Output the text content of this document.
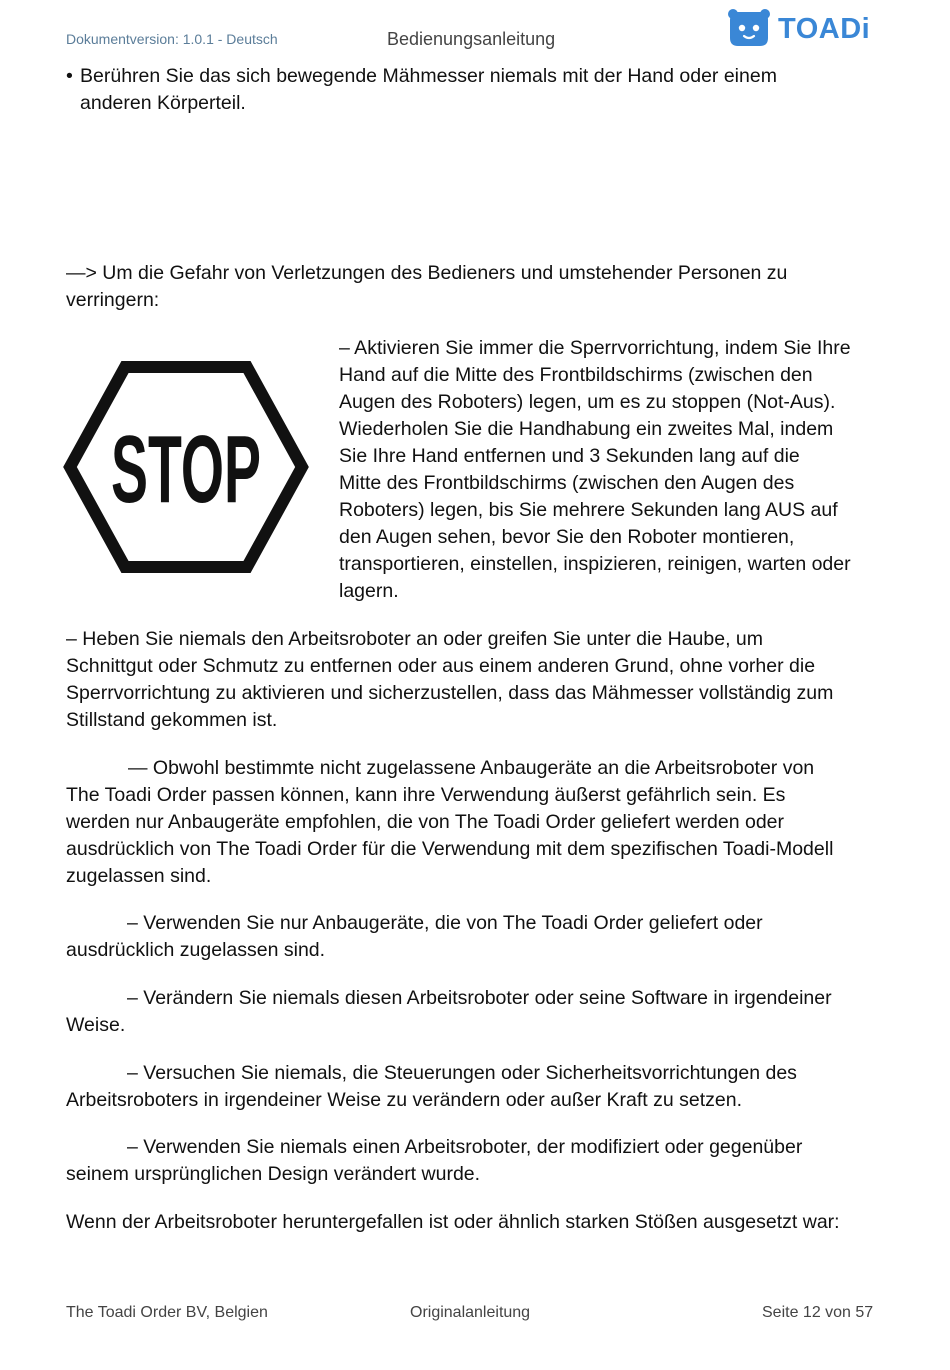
Dokumentversion: 1.0.1 - Deutsch	Bedienungsanleitung	TOADi
• Berühren Sie das sich bewegende Mähmesser niemals mit der Hand oder einem
anderen Körperteil.
—> Um die Gefahr von Verletzungen des Bedieners und umstehender Personen zu
verringern:
STOP
– Aktivieren Sie immer die Sperrvorrichtung, indem Sie Ihre
Hand auf die Mitte des Frontbildschirms (zwischen den
Augen des Roboters) legen, um es zu stoppen (Not-Aus).
Wiederholen Sie die Handhabung ein zweites Mal, indem
Sie Ihre Hand entfernen und 3 Sekunden lang auf die
Mitte des Frontbildschirms (zwischen den Augen des
Roboters) legen, bis Sie mehrere Sekunden lang AUS auf
den Augen sehen, bevor Sie den Roboter montieren,
transportieren, einstellen, inspizieren, reinigen, warten oder
lagern.
– Heben Sie niemals den Arbeitsroboter an oder greifen Sie unter die Haube, um
Schnittgut oder Schmutz zu entfernen oder aus einem anderen Grund, ohne vorher die
Sperrvorrichtung zu aktivieren und sicherzustellen, dass das Mähmesser vollständig zum
Stillstand gekommen ist.
— Obwohl bestimmte nicht zugelassene Anbaugeräte an die Arbeitsroboter von
The Toadi Order passen können, kann ihre Verwendung äußerst gefährlich sein. Es
werden nur Anbaugeräte empfohlen, die von The Toadi Order geliefert werden oder
ausdrücklich von The Toadi Order für die Verwendung mit dem spezifischen Toadi-Modell
zugelassen sind.
– Verwenden Sie nur Anbaugeräte, die von The Toadi Order geliefert oder
ausdrücklich zugelassen sind.
– Verändern Sie niemals diesen Arbeitsroboter oder seine Software in irgendeiner
Weise.
– Versuchen Sie niemals, die Steuerungen oder Sicherheitsvorrichtungen des
Arbeitsroboters in irgendeiner Weise zu verändern oder außer Kraft zu setzen.
– Verwenden Sie niemals einen Arbeitsroboter, der modifiziert oder gegenüber
seinem ursprünglichen Design verändert wurde.
Wenn der Arbeitsroboter heruntergefallen ist oder ähnlich starken Stößen ausgesetzt war:
The Toadi Order BV, Belgien	Originalanleitung	Seite 12 von 57
